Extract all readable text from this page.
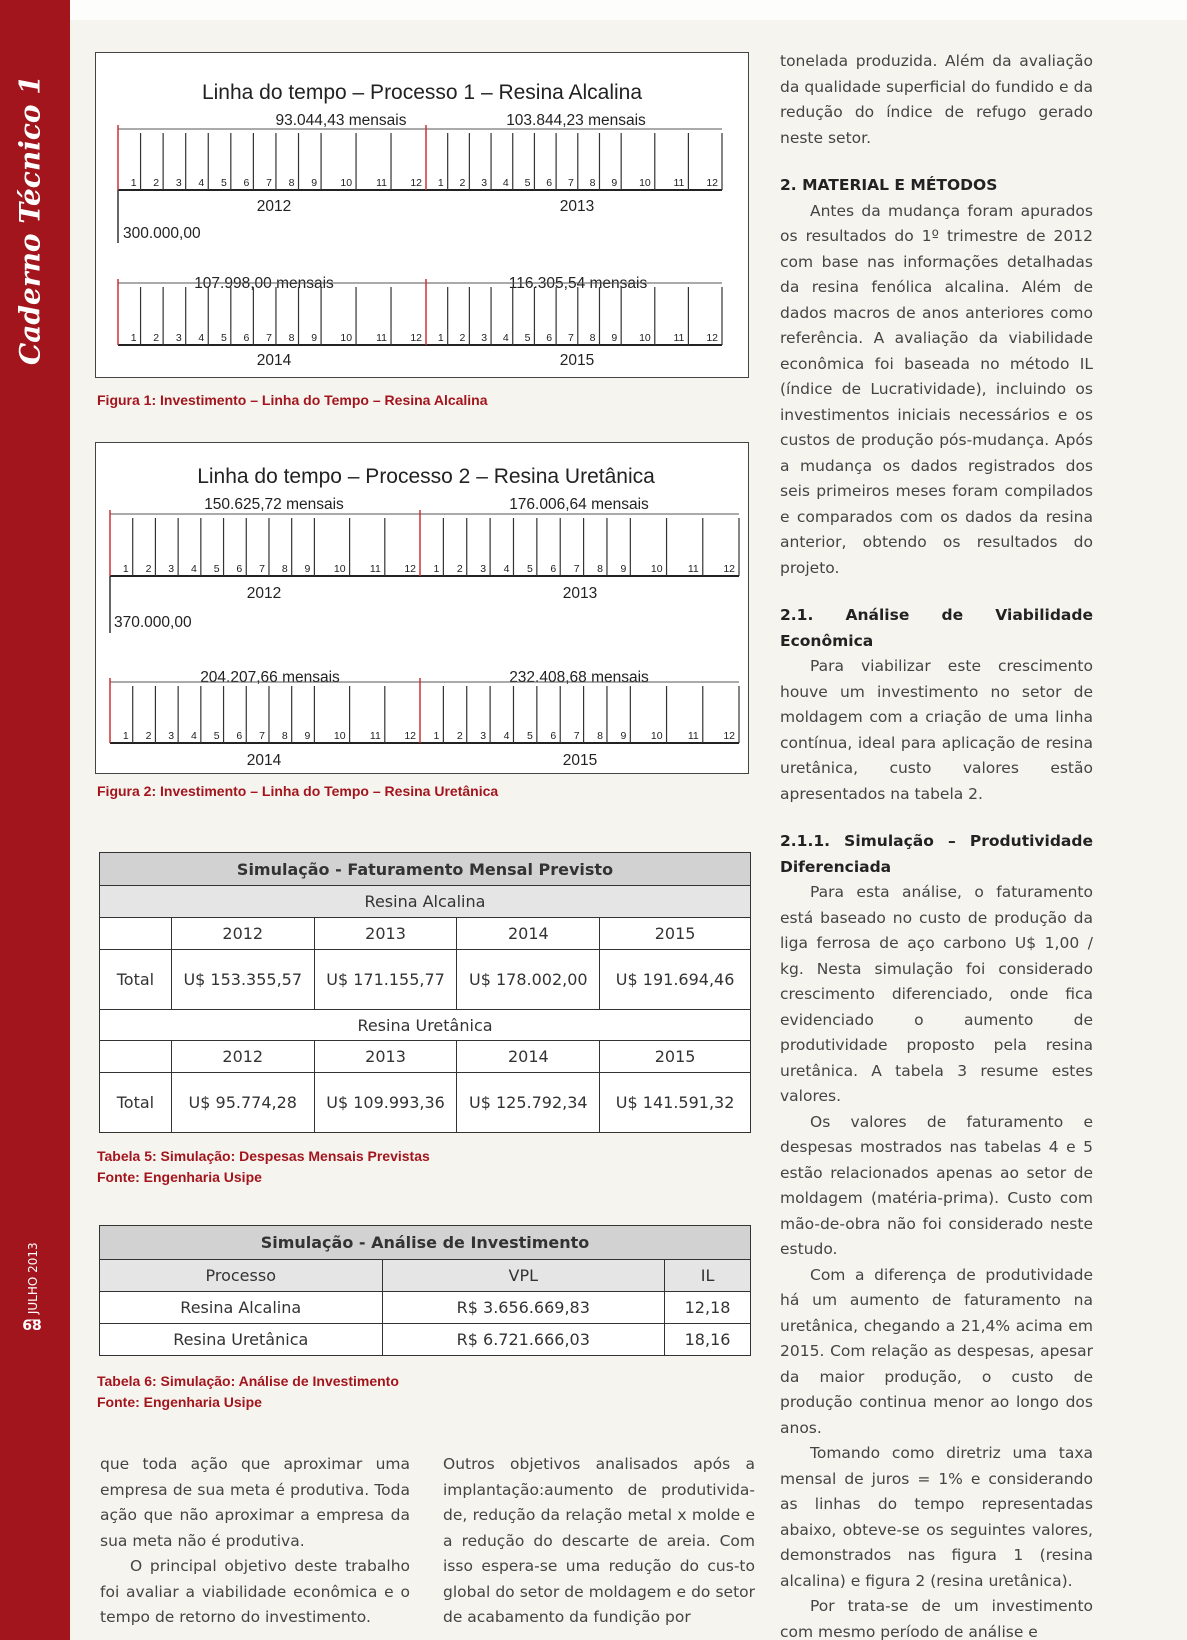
Caderno Técnico 1
| JULHO 2013
68
Linha do tempo – Processo 1 – Resina Alcalina
93.044,43 mensais	103.844,23 mensais
1 2 3 4 5 6 7 8 9 10 11 12 1 2 3 4 5 6 7 8 9 10 11 12
2012	2013
300.000,00
107.998,00 mensais	116.305,54 mensais
1 2 3 4 5 6 7 8 9 10 11 12 1 2 3 4 5 6 7 8 9 10 11 12
2014	2015
Figura 1: Investimento – Linha do Tempo – Resina Alcalina
Linha do tempo – Processo 2 – Resina Uretânica
150.625,72 mensais	176.006,64 mensais
1 2 3 4 5 6 7 8 9 10 11 12 1 2 3 4 5 6 7 8 9 10 11 12
2012	2013
370.000,00
204.207,66 mensais	232.408,68 mensais
1 2 3 4 5 6 7 8 9 10 11 12 1 2 3 4 5 6 7 8 9 10 11 12
2014	2015
Figura 2: Investimento – Linha do Tempo – Resina Uretânica
Simulação - Faturamento Mensal Previsto				
Resina Alcalina				
	2012	2013	2014	2015
Total	U$ 153.355,57	U$ 171.155,77	U$ 178.002,00	U$ 191.694,46
Resina Uretânica				
	2012	2013	2014	2015
Total	U$ 95.774,28	U$ 109.993,36	U$ 125.792,34	U$ 141.591,32
Tabela 5: Simulação: Despesas Mensais Previstas
Fonte: Engenharia Usipe
Simulação - Análise de Investimento		
Processo	VPL	IL
Resina Alcalina	R$ 3.656.669,83	12,18
Resina Uretânica	R$ 6.721.666,03	18,16
Tabela 6: Simulação: Análise de Investimento
Fonte: Engenharia Usipe

que toda ação que aproximar uma empresa de sua meta é produtiva. Toda ação que não aproximar a empresa da sua meta não é produtiva.

O principal objetivo deste trabalho foi avaliar a viabilidade econômica e o tempo de retorno do investimento.

Outros objetivos analisados após a implantação:aumento de produtivida-de, redução da relação metal x molde e a redução do descarte de areia. Com isso espera-se uma redução do cus-to global do setor de moldagem e do setor de acabamento da fundição por

tonelada produzida. Além da avaliação da qualidade superficial do fundido e da redução do índice de refugo gerado neste setor.

2. MATERIAL E MÉTODOS

Antes da mudança foram apurados os resultados do 1º trimestre de 2012 com base nas informações detalhadas da resina fenólica alcalina. Além de dados macros de anos anteriores como referência. A avaliação da viabilidade econômica foi baseada no método IL (índice de Lucratividade), incluindo os investimentos iniciais necessários e os custos de produção pós-mudança. Após a mudança os dados registrados dos seis primeiros meses foram compilados e comparados com os dados da resina anterior, obtendo os resultados do projeto.

2.1. Análise de Viabilidade Econômica

Para viabilizar este crescimento houve um investimento no setor de moldagem com a criação de uma linha contínua, ideal para aplicação de resina uretânica, custo valores estão apresentados na tabela 2.

2.1.1. Simulação – Produtividade Diferenciada

Para esta análise, o faturamento está baseado no custo de produção da liga ferrosa de aço carbono U$ 1,00 / kg. Nesta simulação foi considerado crescimento diferenciado, onde fica evidenciado o aumento de produtividade proposto pela resina uretânica. A tabela 3 resume estes valores.

Os valores de faturamento e despesas mostrados nas tabelas 4 e 5 estão relacionados apenas ao setor de moldagem (matéria-prima). Custo com mão-de-obra não foi considerado neste estudo.

Com a diferença de produtividade há um aumento de faturamento na uretânica, chegando a 21,4% acima em 2015. Com relação as despesas, apesar da maior produção, o custo de produção continua menor ao longo dos anos.

Tomando como diretriz uma taxa mensal de juros = 1% e considerando as linhas do tempo representadas abaixo, obteve-se os seguintes valores, demonstrados nas figura 1 (resina alcalina) e figura 2 (resina uretânica).

Por trata-se de um investimento com mesmo período de análise e
